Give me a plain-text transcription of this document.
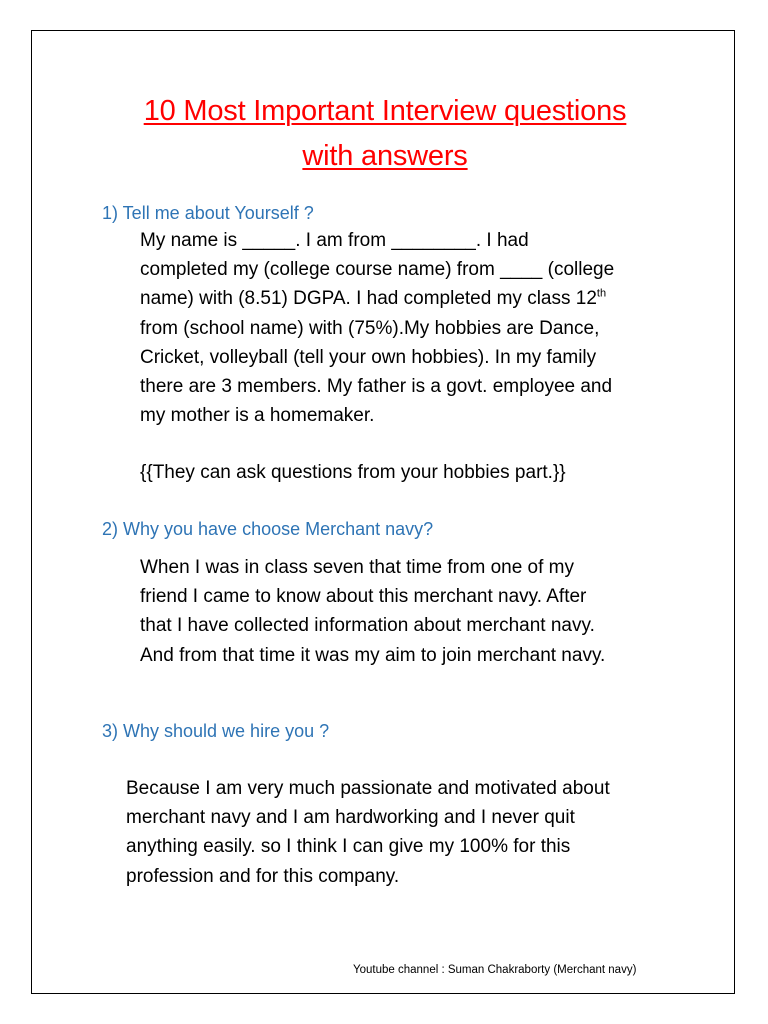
10 Most Important Interview questions
with answers
1) Tell me about Yourself ?
My name is _____. I am from ________. I had
completed my (college course name) from ____ (college
name) with (8.51) DGPA. I had completed my class 12th
from (school name) with (75%).My hobbies are Dance,
Cricket, volleyball (tell your own hobbies). In my family
there are 3 members. My father is a govt. employee and
my mother is a homemaker.
{{They can ask questions from your hobbies part.}}
2) Why you have choose Merchant navy?
When I was in class seven that time from one of my
friend I came to know about this merchant navy. After
that I have collected information about merchant navy.
And from that time it was my aim to join merchant navy.
3) Why should we hire you ?
Because I am very much passionate and motivated about
merchant navy and I am hardworking and I never quit
anything easily. so I think I can give my 100% for this
profession and for this company.
Youtube channel : Suman Chakraborty (Merchant navy)
